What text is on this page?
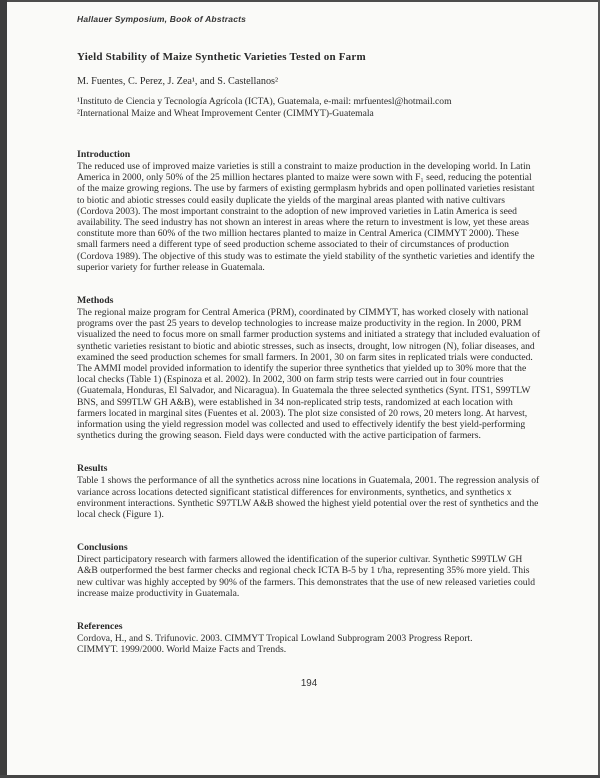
Hallauer Symposium, Book of Abstracts
Yield Stability of Maize Synthetic Varieties Tested on Farm
M. Fuentes, C. Perez, J. Zea¹, and S. Castellanos²

¹Instituto de Ciencia y Tecnología Agrícola (ICTA), Guatemala, e-mail: mrfuentesl@hotmail.com

²International Maize and Wheat Improvement Center (CIMMYT)-Guatemala

Introduction

The reduced use of improved maize varieties is still a constraint to maize production in the developing world. In Latin America in 2000, only 50% of the 25 million hectares planted to maize were sown with F₁ seed, reducing the potential of the maize growing regions. The use by farmers of existing germplasm hybrids and open pollinated varieties resistant to biotic and abiotic stresses could easily duplicate the yields of the marginal areas planted with native cultivars (Cordova 2003). The most important constraint to the adoption of new improved varieties in Latin America is seed availability. The seed industry has not shown an interest in areas where the return to investment is low, yet these areas constitute more than 60% of the two million hectares planted to maize in Central America (CIMMYT 2000). These small farmers need a different type of seed production scheme associated to their of circumstances of production (Cordova 1989). The objective of this study was to estimate the yield stability of the synthetic varieties and identify the superior variety for further release in Guatemala.

Methods

The regional maize program for Central America (PRM), coordinated by CIMMYT, has worked closely with national programs over the past 25 years to develop technologies to increase maize productivity in the region. In 2000, PRM visualized the need to focus more on small farmer production systems and initiated a strategy that included evaluation of synthetic varieties resistant to biotic and abiotic stresses, such as insects, drought, low nitrogen (N), foliar diseases, and examined the seed production schemes for small farmers. In 2001, 30 on farm sites in replicated trials were conducted. The AMMI model provided information to identify the superior three synthetics that yielded up to 30% more that the local checks (Table 1) (Espinoza et al. 2002). In 2002, 300 on farm strip tests were carried out in four countries (Guatemala, Honduras, El Salvador, and Nicaragua). In Guatemala the three selected synthetics (Synt. ITS1, S99TLW BNS, and S99TLW GH A&B), were established in 34 non-replicated strip tests, randomized at each location with farmers located in marginal sites (Fuentes et al. 2003). The plot size consisted of 20 rows, 20 meters long. At harvest, information using the yield regression model was collected and used to effectively identify the best yield-performing synthetics during the growing season. Field days were conducted with the active participation of farmers.

Results

Table 1 shows the performance of all the synthetics across nine locations in Guatemala, 2001. The regression analysis of variance across locations detected significant statistical differences for environments, synthetics, and synthetics x environment interactions. Synthetic S97TLW A&B showed the highest yield potential over the rest of synthetics and the local check (Figure 1).

Conclusions

Direct participatory research with farmers allowed the identification of the superior cultivar. Synthetic S99TLW GH A&B outperformed the best farmer checks and regional check ICTA B-5 by 1 t/ha, representing 35% more yield. This new cultivar was highly accepted by 90% of the farmers. This demonstrates that the use of new released varieties could increase maize productivity in Guatemala.

References

Cordova, H., and S. Trifunovic. 2003. CIMMYT Tropical Lowland Subprogram 2003 Progress Report.

CIMMYT. 1999/2000. World Maize Facts and Trends.

194
